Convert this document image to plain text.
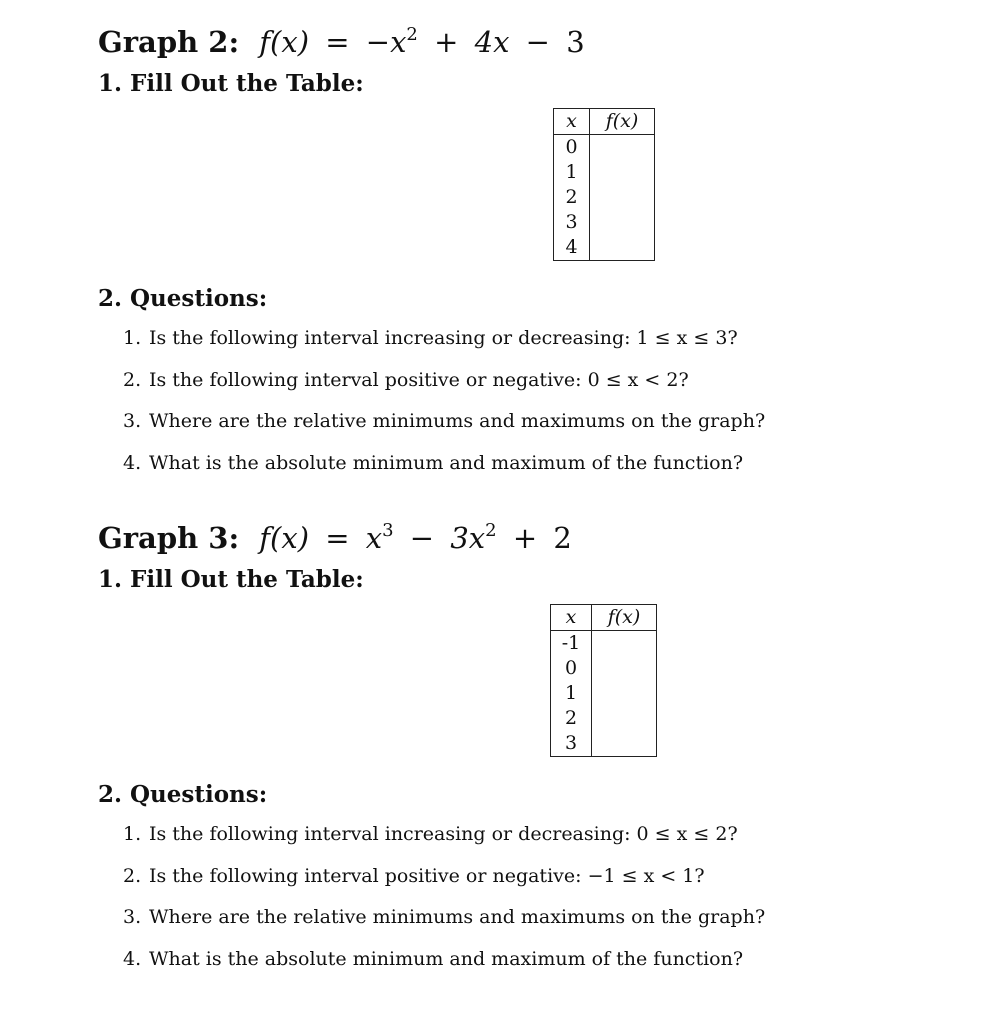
Graph 2: $f(x) = -x^2 + 4x - 3$
1. Fill Out the Table:
x	f(x)
0	
1	
2	
3	
4	
2. Questions:
1. Is the following interval increasing or decreasing: 1 ≤ x ≤ 3?
2. Is the following interval positive or negative: 0 ≤ x < 2?
3. Where are the relative minimums and maximums on the graph?
4. What is the absolute minimum and maximum of the function?
Graph 3: $f(x) = x^3 - 3x^2 + 2$
1. Fill Out the Table:
x	f(x)
-1	
0	
1	
2	
3	
2. Questions:
1. Is the following interval increasing or decreasing: 0 ≤ x ≤ 2?
2. Is the following interval positive or negative: −1 ≤ x < 1?
3. Where are the relative minimums and maximums on the graph?
4. What is the absolute minimum and maximum of the function?
